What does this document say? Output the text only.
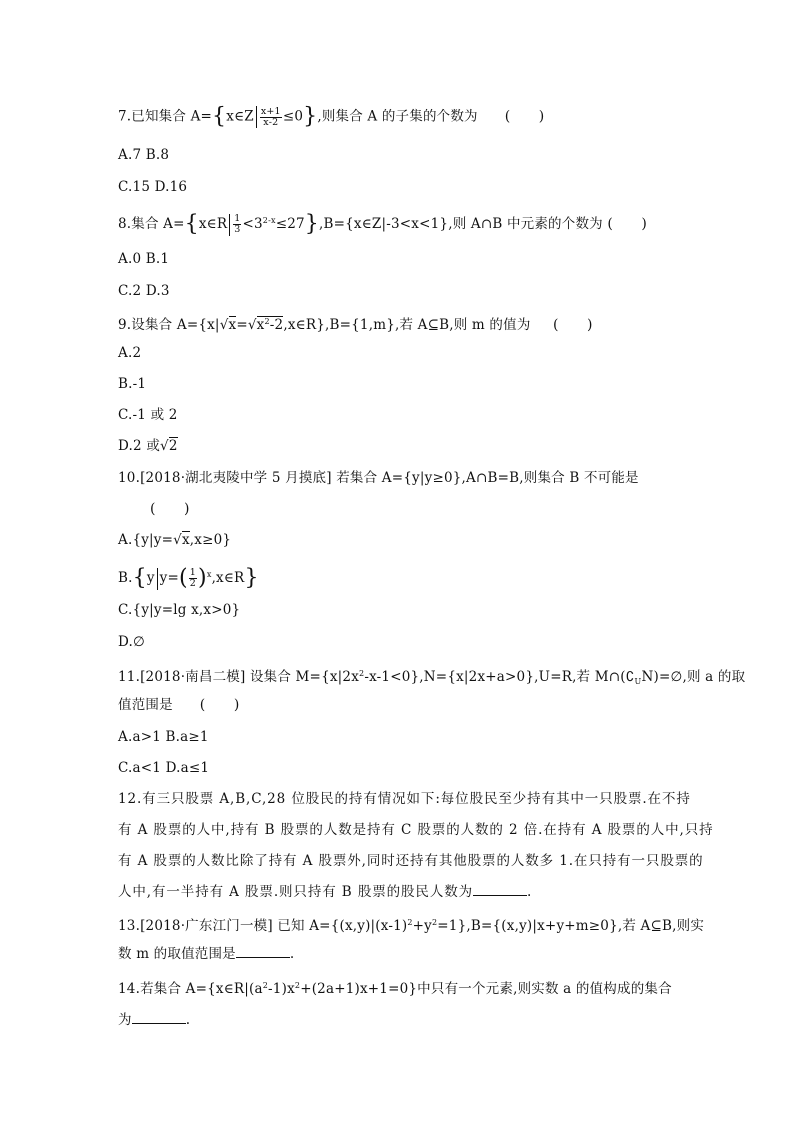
7.已知集合 A={x∈Z $\frac{x+1}{x-2} \le 0$},则集合 A 的子集的个数为 (　　)
A.7 B.8
C.15 D.16
8.集合 A={x∈R $\frac{1}{3}$ $<3^{2-x}\le 27\},B=\{x\in Z|-3<x<1\}$,则 A∩B 中元素的个数为 (　　)
A.0 B.1
C.2 D.3
9.设集合 $A=\{x|√x=√x^2-2,x\in R\},B=\{1,m\}$,若 A⊆B,则 m 的值为 (　　)
A.2
B.-1
C.-1 或 2
D.2 或√2
10.[2018·湖北夷陵中学 5 月摸底] 若集合 A={y|y≥0},A∩B=B,则集合 B 不可能是
(　　)
A.{y|y=√x,x≥0}
B.{y $y=( \frac{1}{2}$ )$^x,x\in R$}
C.{y|y=lg x,x>0}
D.∅
11.[2018·南昌二模] 设集合 $M=\{x|2x^2-x-1<0\},N=\{x|2x+a>0\},U=R$,若 $M\cap(∁_UN)=\emptyset$,则 a 的取
值范围是 (　　)
A.a>1 B.a≥1
C.a<1 D.a≤1
12.有三只股票 A,B,C,28 位股民的持有情况如下:每位股民至少持有其中一只股票.在不持
有 A 股票的人中,持有 B 股票的人数是持有 C 股票的人数的 2 倍.在持有 A 股票的人中,只持
有 A 股票的人数比除了持有 A 股票外,同时还持有其他股票的人数多 1.在只持有一只股票的
人中,有一半持有 A 股票.则只持有 B 股票的股民人数为	.
13.[2018·广东江门一模] 已知 $A=\{(x,y)|(x-1)^2+y^2=1\},B=\{(x,y)|x+y+m\ge 0\}$,若 A⊆B,则实
数 m 的取值范围是	.
14.若集合 $A=\{x\in R|(a^2-1)x^2+(2a+1)x+1=0\}$中只有一个元素,则实数 a 的值构成的集合
为	.
